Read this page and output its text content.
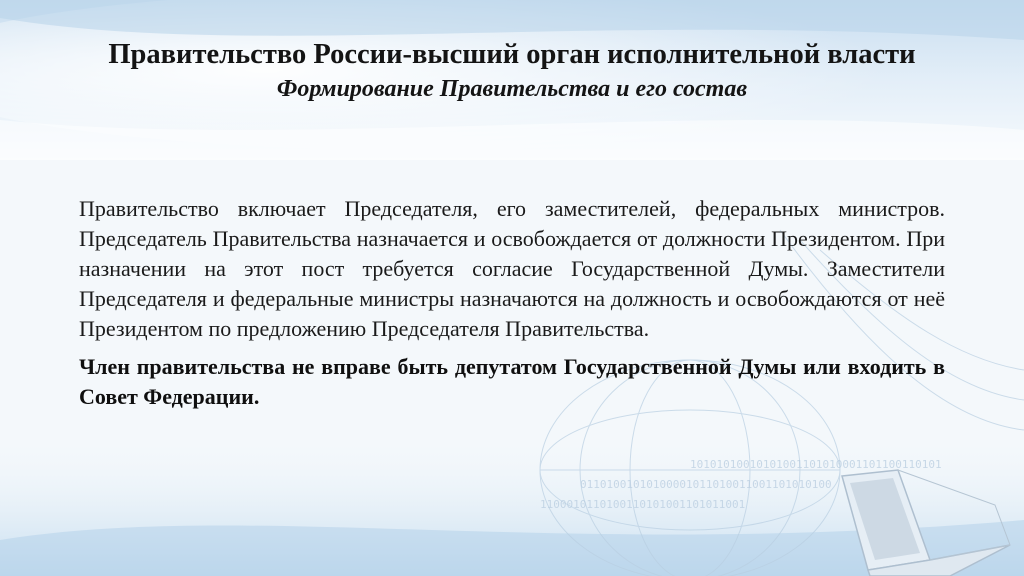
10101010010101001101010001101100110101
01101001010100001011010011001101010100
1100010110100110101001101011001

Правительство России-высший орган исполнительной власти

Формирование Правительства и его состав

Правительство включает Председателя, его заместителей, федеральных министров. Председатель Правительства назначается и освобождается от должности Президентом. При назначении на этот пост требуется согласие Государственной Думы. Заместители Председателя и федеральные министры назначаются на должность и освобождаются от неё Президентом по предложению Председателя Правительства.

Член правительства не вправе быть депутатом Государственной Думы или входить в Совет Федерации.
